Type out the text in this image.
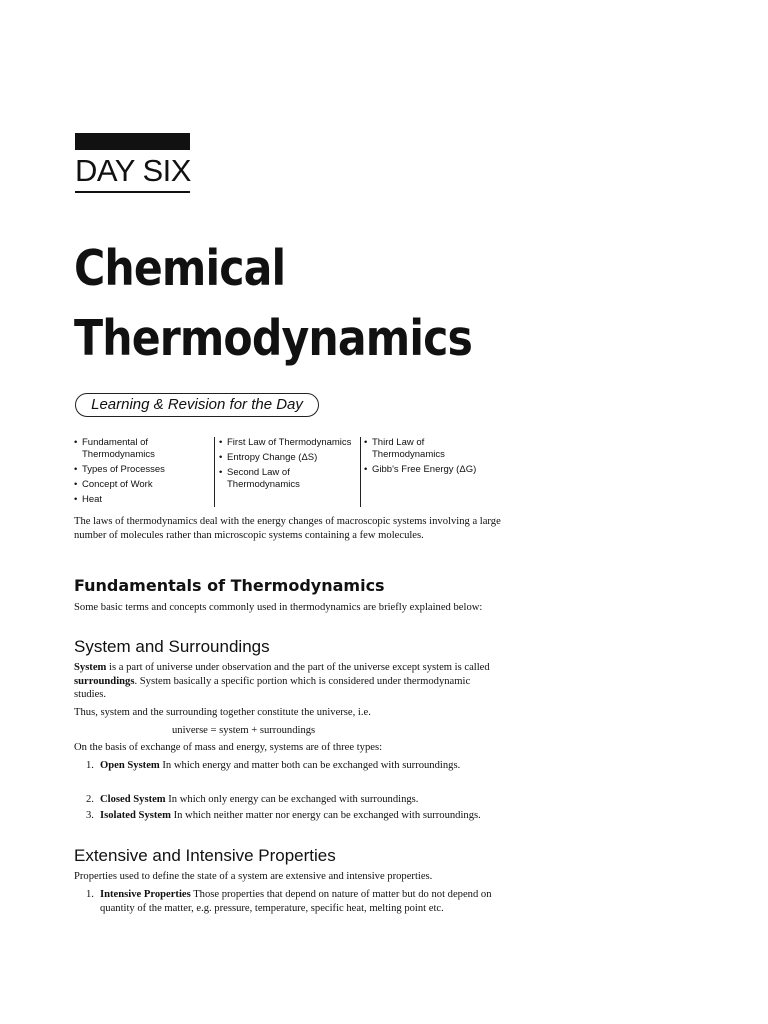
DAY SIX
Chemical
Thermodynamics
Learning & Revision for the Day
• Fundamental of Thermodynamics
• Types of Processes
• Concept of Work
• Heat
• First Law of Thermodynamics
• Entropy Change (ΔS)
• Second Law of Thermodynamics
• Third Law of Thermodynamics
• Gibb's Free Energy (ΔG)
The laws of thermodynamics deal with the energy changes of macroscopic systems involving a large number of molecules rather than microscopic systems containing a few molecules.
Fundamentals of Thermodynamics
Some basic terms and concepts commonly used in thermodynamics are briefly explained below:
System and Surroundings
System is a part of universe under observation and the part of the universe except system is called surroundings. System basically a specific portion which is considered under thermodynamic studies.
Thus, system and the surrounding together constitute the universe, i.e.
universe = system + surroundings
On the basis of exchange of mass and energy, systems are of three types:
1. Open System In which energy and matter both can be exchanged with surroundings.
2. Closed System In which only energy can be exchanged with surroundings.
3. Isolated System In which neither matter nor energy can be exchanged with surroundings.
Extensive and Intensive Properties
Properties used to define the state of a system are extensive and intensive properties.
1. Intensive Properties Those properties that depend on nature of matter but do not depend on quantity of the matter, e.g. pressure, temperature, specific heat, melting point etc.
